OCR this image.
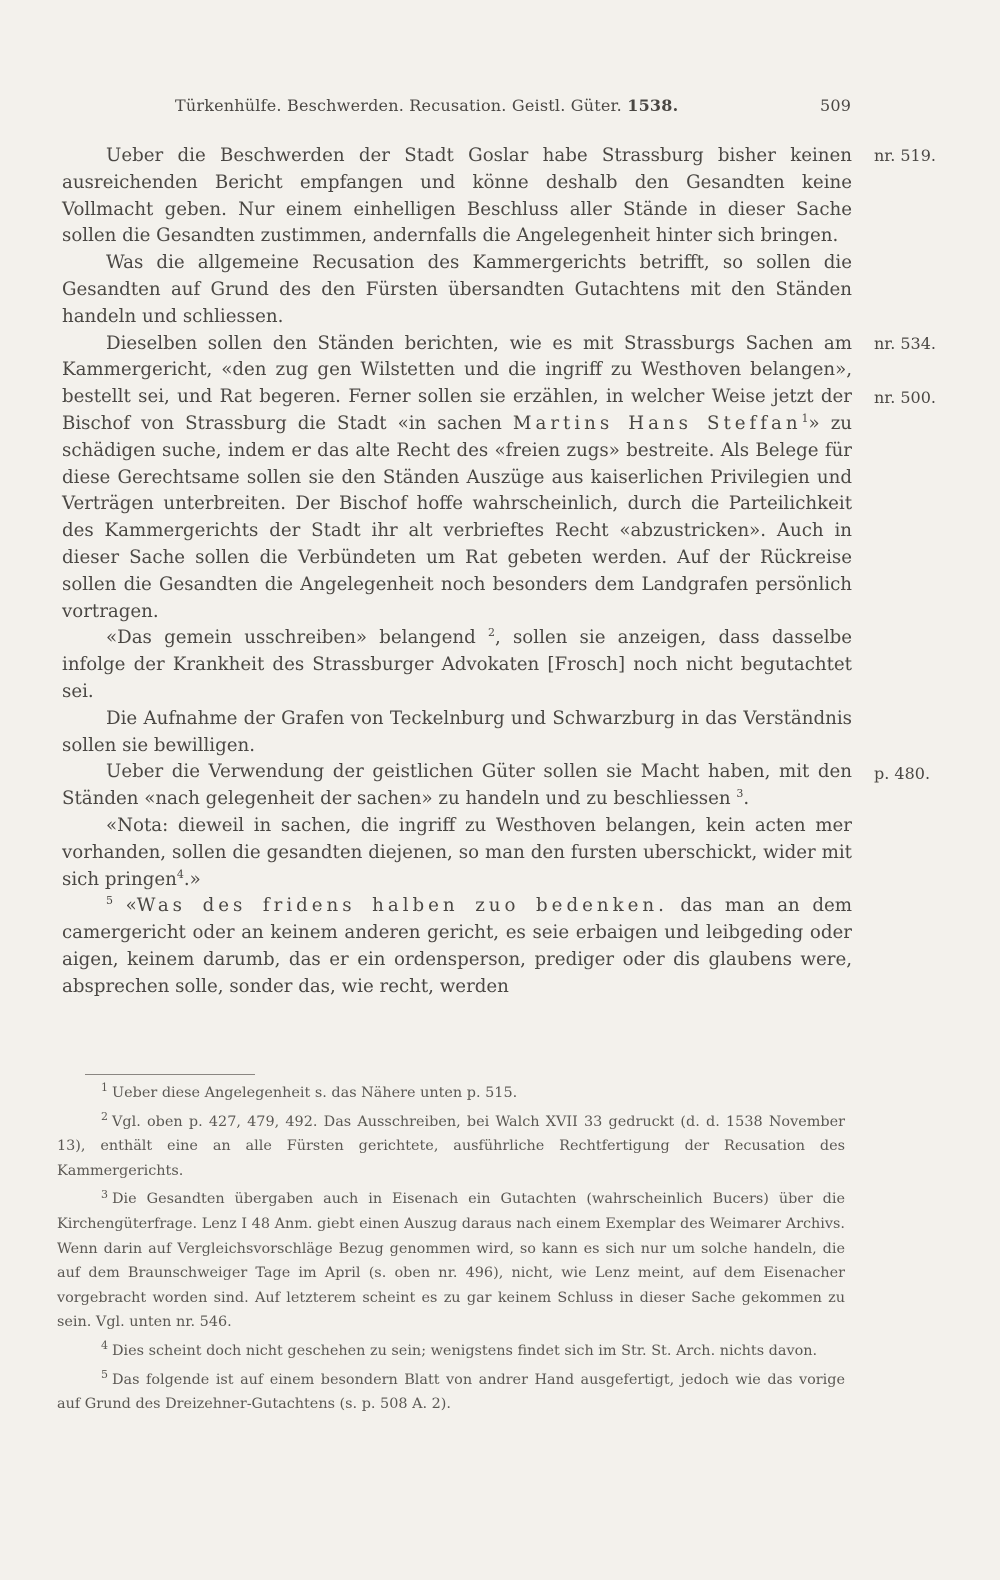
Türkenhülfe. Beschwerden. Recusation. Geistl. Güter. 1538.	509
nr. 519.
nr. 534.
nr. 500.
p. 480.

Ueber die Beschwerden der Stadt Goslar habe Strassburg bisher keinen ausreichenden Bericht empfangen und könne deshalb den Gesandten keine Vollmacht geben. Nur einem einhelligen Beschluss aller Stände in dieser Sache sollen die Gesandten zustimmen, andernfalls die Angelegenheit hinter sich bringen.

Was die allgemeine Recusation des Kammergerichts betrifft, so sollen die Gesandten auf Grund des den Fürsten übersandten Gutachtens mit den Ständen handeln und schliessen.

Dieselben sollen den Ständen berichten, wie es mit Strassburgs Sachen am Kammergericht, «den zug gen Wilstetten und die ingriff zu Westhoven belangen», bestellt sei, und Rat begeren. Ferner sollen sie erzählen, in welcher Weise jetzt der Bischof von Strassburg die Stadt «in sachen Martins Hans Steffan$^1$» zu schädigen suche, indem er das alte Recht des «freien zugs» bestreite. Als Belege für diese Gerechtsame sollen sie den Ständen Auszüge aus kaiserlichen Privilegien und Verträgen unterbreiten. Der Bischof hoffe wahrscheinlich, durch die Parteilichkeit des Kammergerichts der Stadt ihr alt verbrieftes Recht «abzustricken». Auch in dieser Sache sollen die Verbündeten um Rat gebeten werden. Auf der Rückreise sollen die Gesandten die Angelegenheit noch besonders dem Landgrafen persönlich vortragen.

«Das gemein usschreiben» belangend $^2$, sollen sie anzeigen, dass dasselbe infolge der Krankheit des Strassburger Advokaten [Frosch] noch nicht begutachtet sei.

Die Aufnahme der Grafen von Teckelnburg und Schwarzburg in das Verständnis sollen sie bewilligen.

Ueber die Verwendung der geistlichen Güter sollen sie Macht haben, mit den Ständen «nach gelegenheit der sachen» zu handeln und zu beschliessen $^3$.

«Nota: dieweil in sachen, die ingriff zu Westhoven belangen, kein acten mer vorhanden, sollen die gesandten diejenen, so man den fursten uberschickt, wider mit sich pringen$^4$.»

$^5$ «Was des fridens halben zuo bedenken. das man an dem camergericht oder an keinem anderen gericht, es seie erbaigen und leibgeding oder aigen, keinem darumb, das er ein ordensperson, prediger oder dis glaubens were, absprechen solle, sonder das, wie recht, werden

$^1$ Ueber diese Angelegenheit s. das Nähere unten p. 515.

$^2$ Vgl. oben p. 427, 479, 492. Das Ausschreiben, bei Walch XVII 33 gedruckt (d. d. 1538 November 13), enthält eine an alle Fürsten gerichtete, ausführliche Rechtfertigung der Recusation des Kammergerichts.

$^3$ Die Gesandten übergaben auch in Eisenach ein Gutachten (wahrscheinlich Bucers) über die Kirchengüterfrage. Lenz I 48 Anm. giebt einen Auszug daraus nach einem Exemplar des Weimarer Archivs. Wenn darin auf Vergleichsvorschläge Bezug genommen wird, so kann es sich nur um solche handeln, die auf dem Braunschweiger Tage im April (s. oben nr. 496), nicht, wie Lenz meint, auf dem Eisenacher vorgebracht worden sind. Auf letzterem scheint es zu gar keinem Schluss in dieser Sache gekommen zu sein. Vgl. unten nr. 546.

$^4$ Dies scheint doch nicht geschehen zu sein; wenigstens findet sich im Str. St. Arch. nichts davon.

$^5$ Das folgende ist auf einem besondern Blatt von andrer Hand ausgefertigt, jedoch wie das vorige auf Grund des Dreizehner-Gutachtens (s. p. 508 A. 2).
